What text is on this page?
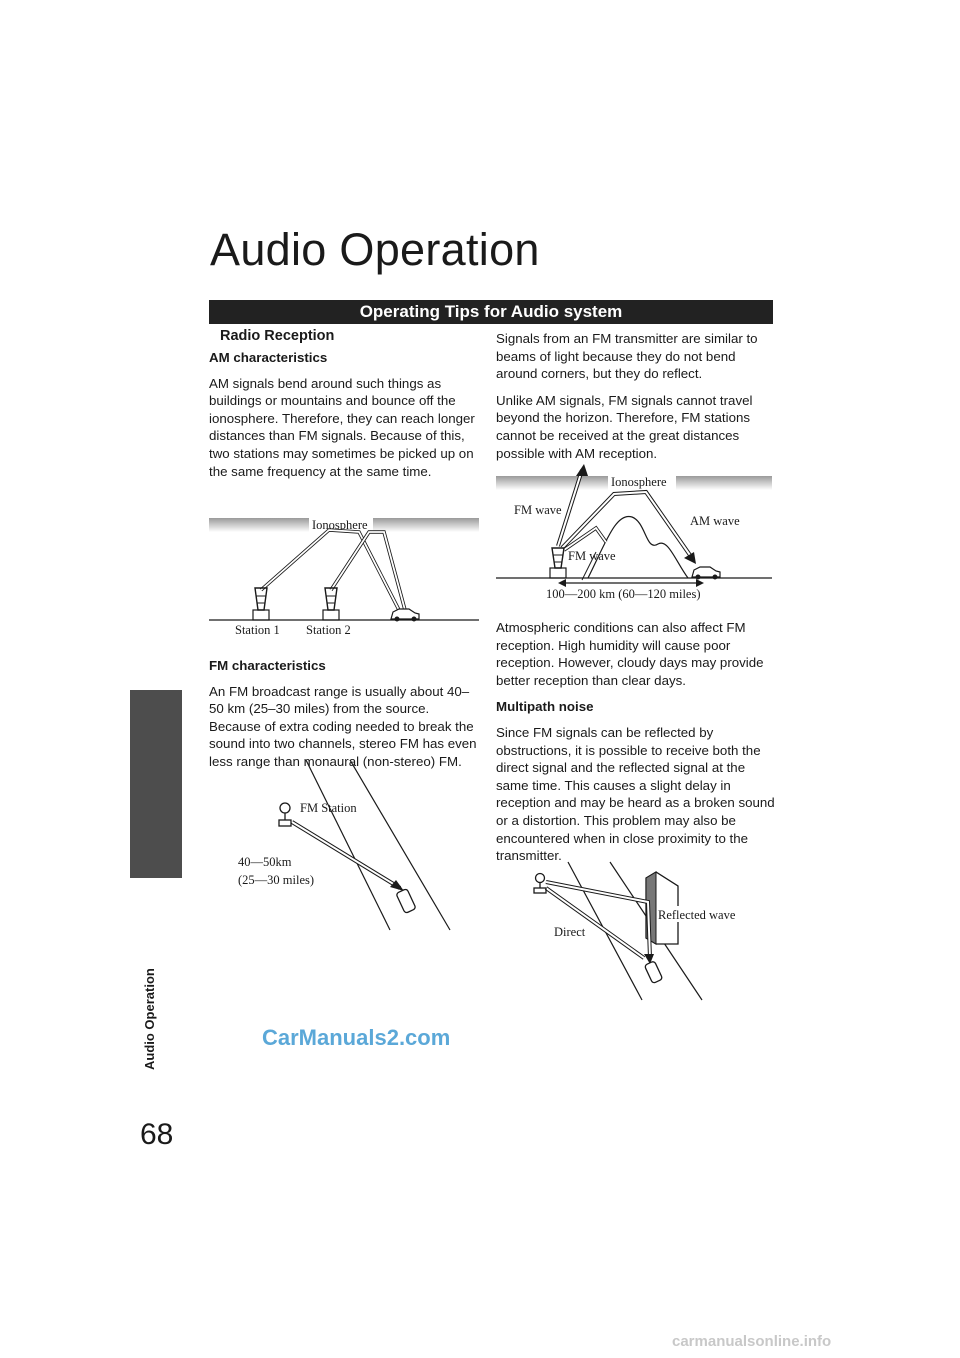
Audio Operation
68
Audio Operation
Operating Tips for Audio system
Radio Reception

AM characteristics

AM signals bend around such things as buildings or mountains and bounce off the ionosphere. Therefore, they can reach longer distances than FM signals. Because of this, two stations may sometimes be picked up on the same frequency at the same time.

Ionosphere
Station 1 Station 2

FM characteristics

An FM broadcast range is usually about 40–50 km (25–30 miles) from the source. Because of extra coding needed to break the sound into two channels, stereo FM has even less range than monaural (non-stereo) FM.

FM Station
40—50km
(25—30 miles)

Signals from an FM transmitter are similar to beams of light because they do not bend around corners, but they do reflect.

Unlike AM signals, FM signals cannot travel beyond the horizon. Therefore, FM stations cannot be received at the great distances possible with AM reception.

Ionosphere
FM wave
AM wave
FM wave
100—200 km (60—120 miles)

Atmospheric conditions can also affect FM reception. High humidity will cause poor reception. However, cloudy days may provide better reception than clear days.

Multipath noise

Since FM signals can be reflected by obstructions, it is possible to receive both the direct signal and the reflected signal at the same time. This causes a slight delay in reception and may be heard as a broken sound or a distortion. This problem may also be encountered when in close proximity to the transmitter.

Reflected wave
Direct
CarManuals2.com
carmanualsonline.info
